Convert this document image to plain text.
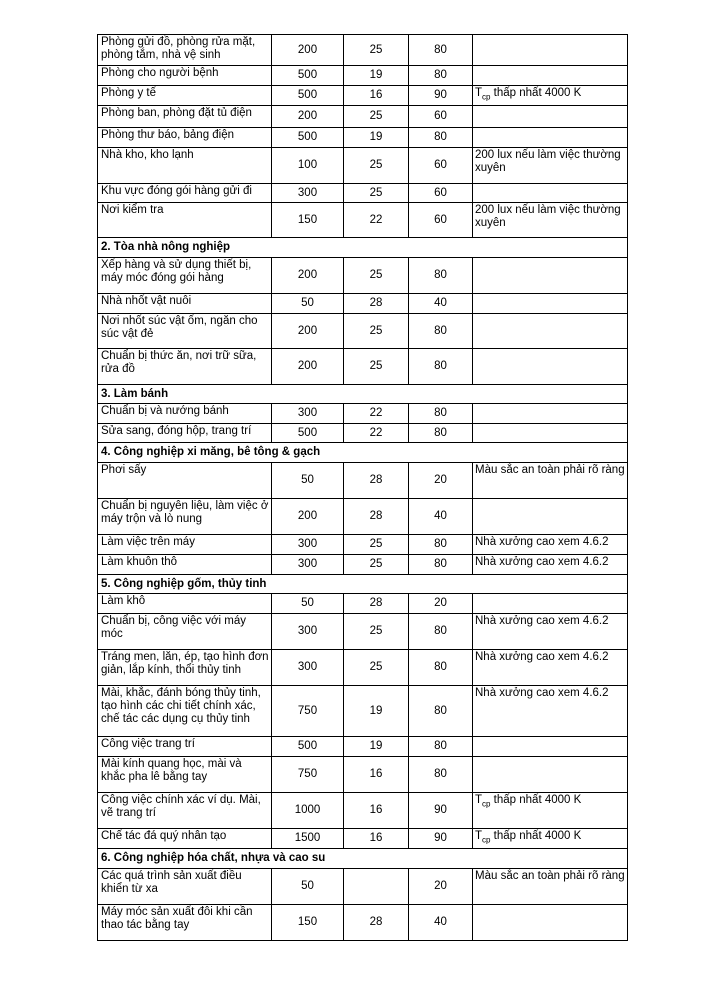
Phòng gửi đồ, phòng rửa mặt, phòng tắm, nhà vệ sinh	200	25	80	
Phòng cho người bệnh	500	19	80	
Phòng y tế	500	16	90	$T_{cp}$ thấp nhất 4000 K
Phòng ban, phòng đặt tủ điện	200	25	60	
Phòng thư báo, bảng điện	500	19	80	
Nhà kho, kho lạnh	100	25	60	200 lux nếu làm việc thường xuyên
Khu vực đóng gói hàng gửi đi	300	25	60	
Nơi kiểm tra	150	22	60	200 lux nếu làm việc thường xuyên
2. Tòa nhà nông nghiệp				
Xếp hàng và sử dụng thiết bị, máy móc đóng gói hàng	200	25	80	
Nhà nhốt vật nuôi	50	28	40	
Nơi nhốt súc vật ốm, ngăn cho súc vật đẻ	200	25	80	
Chuẩn bị thức ăn, nơi trữ sữa, rửa đồ	200	25	80	
3. Làm bánh				
Chuẩn bị và nướng bánh	300	22	80	
Sửa sang, đóng hộp, trang trí	500	22	80	
4. Công nghiệp xi măng, bê tông & gạch				
Phơi sấy	50	28	20	Màu sắc an toàn phải rõ ràng
Chuẩn bị nguyên liệu, làm việc ở máy trộn và lò nung	200	28	40	
Làm việc trên máy	300	25	80	Nhà xưởng cao xem 4.6.2
Làm khuôn thô	300	25	80	Nhà xưởng cao xem 4.6.2
5. Công nghiệp gốm, thủy tinh				
Làm khô	50	28	20	
Chuẩn bị, công việc với máy móc	300	25	80	Nhà xưởng cao xem 4.6.2
Tráng men, lăn, ép, tạo hình đơn giản, lắp kính, thổi thủy tinh	300	25	80	Nhà xưởng cao xem 4.6.2
Mài, khắc, đánh bóng thủy tinh, tạo hình các chi tiết chính xác, chế tác các dụng cụ thủy tinh	750	19	80	Nhà xưởng cao xem 4.6.2
Công việc trang trí	500	19	80	
Mài kính quang học, mài và khắc pha lê bằng tay	750	16	80	
Công việc chính xác ví dụ. Mài, vẽ trang trí	1000	16	90	$T_{cp}$ thấp nhất 4000 K
Chế tác đá quý nhân tạo	1500	16	90	$T_{cp}$ thấp nhất 4000 K
6. Công nghiệp hóa chất, nhựa và cao su				
Các quá trình sản xuất điều khiển từ xa	50		20	Màu sắc an toàn phải rõ ràng
Máy móc sản xuất đôi khi cần thao tác bằng tay	150	28	40	
